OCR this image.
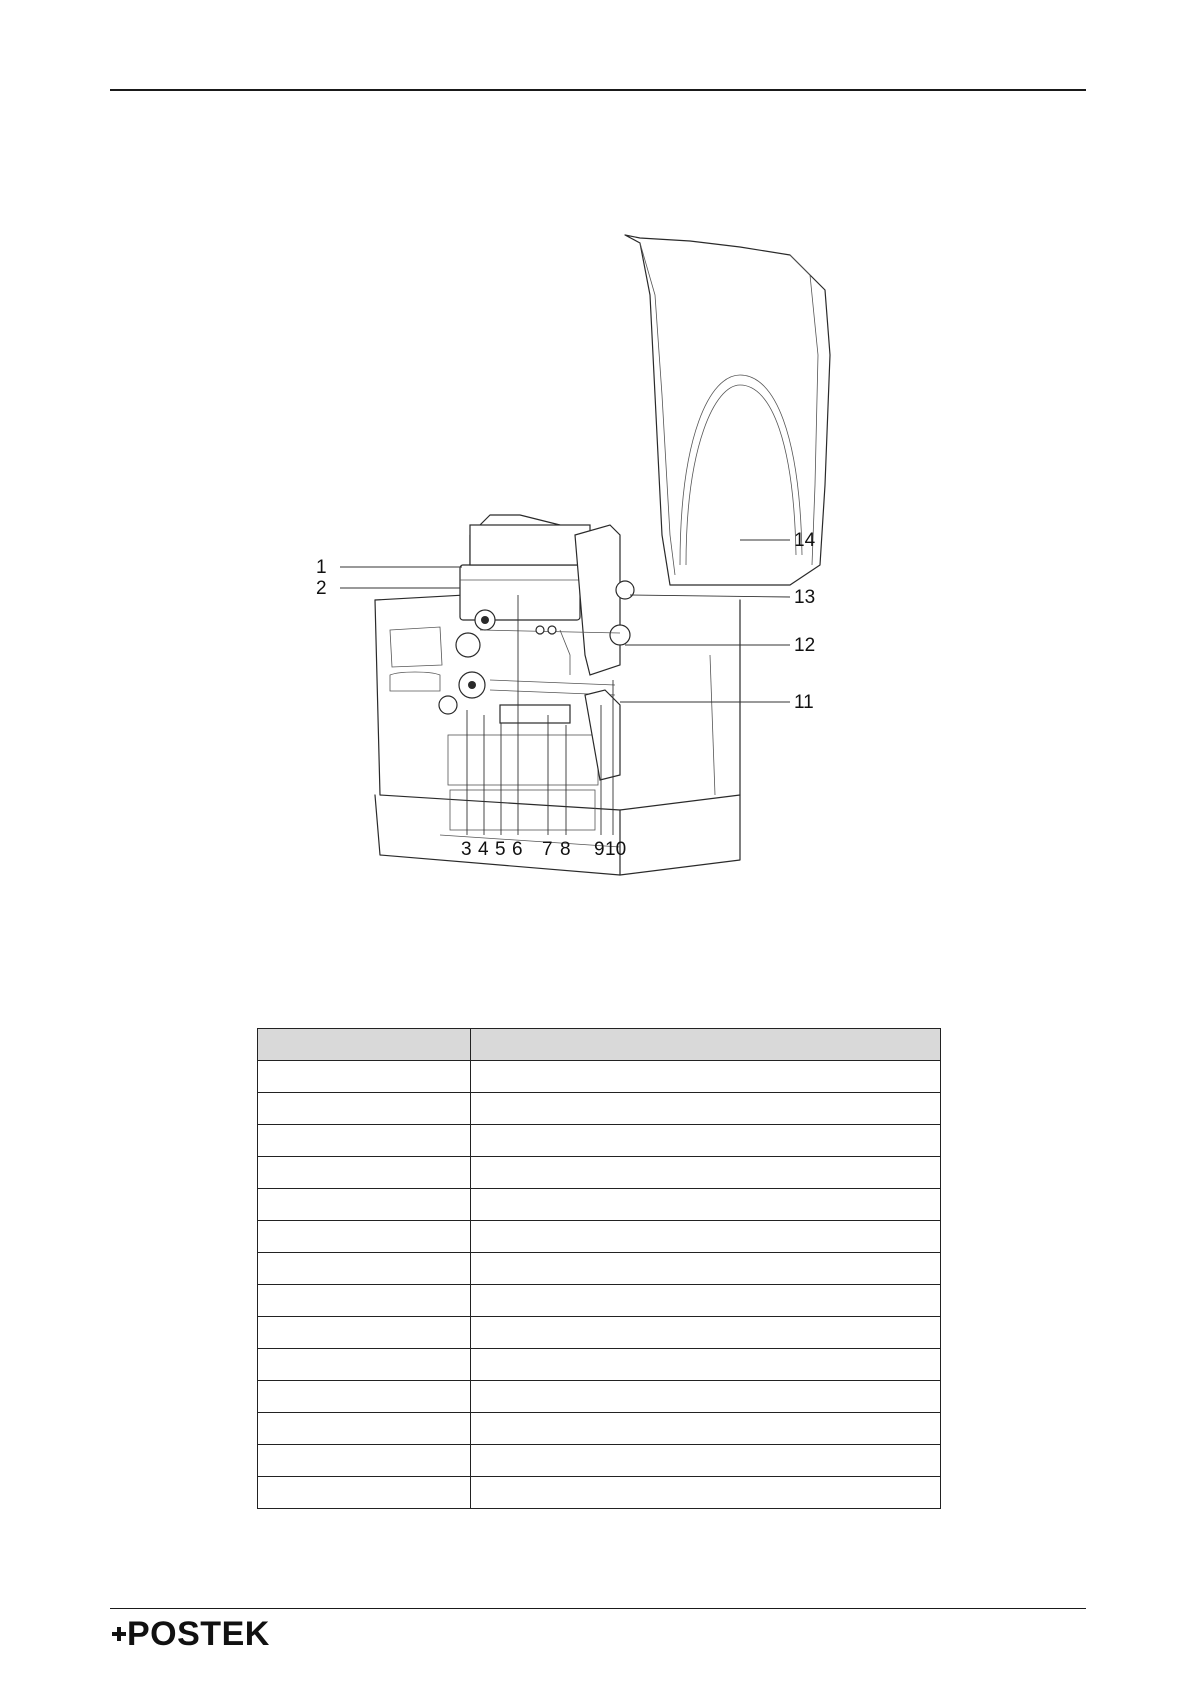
1
2
3 4 5 6 7 8 9 10
11
12
13
14

POSTEK
